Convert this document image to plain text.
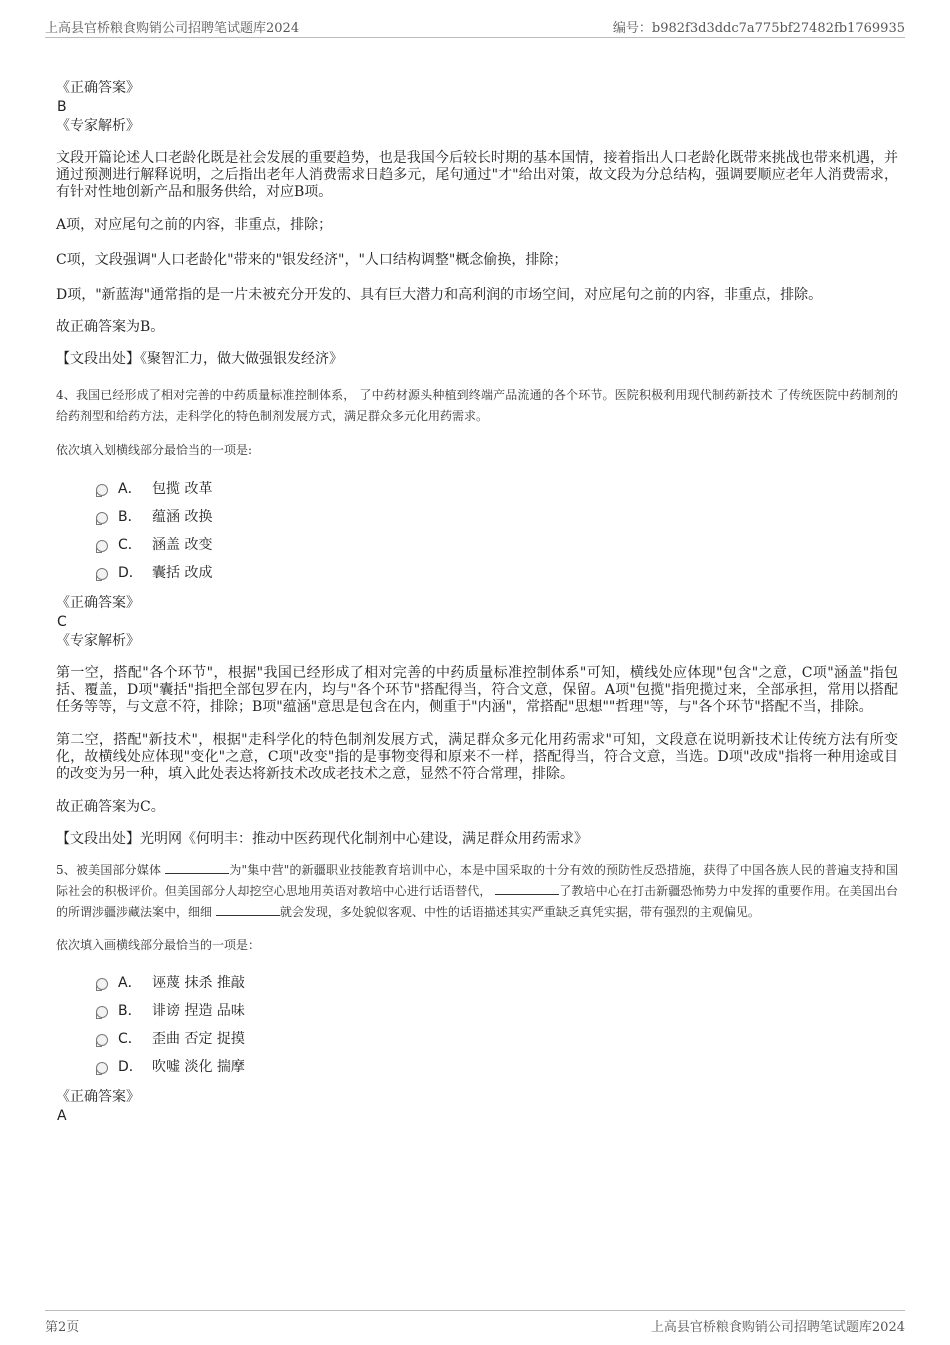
上高县官桥粮食购销公司招聘笔试题库2024	编号：b982f3d3ddc7a775bf27482fb1769935

《正确答案》

B

《专家解析》

文段开篇论述人口老龄化既是社会发展的重要趋势，也是我国今后较长时期的基本国情，接着指出人口老龄化既带来挑战也带来机遇，并通过预测进行解释说明，之后指出老年人消费需求日趋多元，尾句通过"才"给出对策，故文段为分总结构，强调要顺应老年人消费需求，有针对性地创新产品和服务供给，对应B项。

A项，对应尾句之前的内容，非重点，排除；

C项，文段强调"人口老龄化"带来的"银发经济"，"人口结构调整"概念偷换，排除；

D项，"新蓝海"通常指的是一片未被充分开发的、具有巨大潜力和高利润的市场空间，对应尾句之前的内容，非重点，排除。

故正确答案为B。

【文段出处】《聚智汇力，做大做强银发经济》

4、我国已经形成了相对完善的中药质量标准控制体系， 了中药材源头种植到终端产品流通的各个环节。医院积极利用现代制药新技术 了传统医院中药制剂的给药剂型和给药方法，走科学化的特色制剂发展方式，满足群众多元化用药需求。

依次填入划横线部分最恰当的一项是:

A． 包揽 改革
B． 蕴涵 改换
C． 涵盖 改变
D． 囊括 改成

《正确答案》

C

《专家解析》

第一空，搭配"各个环节"，根据"我国已经形成了相对完善的中药质量标准控制体系"可知，横线处应体现"包含"之意，C项"涵盖"指包括、覆盖，D项"囊括"指把全部包罗在内，均与"各个环节"搭配得当，符合文意，保留。A项"包揽"指兜揽过来，全部承担，常用以搭配任务等等，与文意不符，排除；B项"蕴涵"意思是包含在内，侧重于"内涵"，常搭配"思想""哲理"等，与"各个环节"搭配不当，排除。

第二空，搭配"新技术"，根据"走科学化的特色制剂发展方式，满足群众多元化用药需求"可知，文段意在说明新技术让传统方法有所变化，故横线处应体现"变化"之意，C项"改变"指的是事物变得和原来不一样，搭配得当，符合文意，当选。D项"改成"指将一种用途或目的改变为另一种，填入此处表达将新技术改成老技术之意，显然不符合常理，排除。

故正确答案为C。

【文段出处】光明网《何明丰：推动中医药现代化制剂中心建设，满足群众用药需求》

5、被美国部分媒体	为"集中营"的新疆职业技能教育培训中心，本是中国采取的十分有效的预防性反恐措施，获得了中国各族人民的普遍支持和国际社会的积极评价。但美国部分人却挖空心思地用英语对教培中心进行话语替代，	了教培中心在打击新疆恐怖势力中发挥的重要作用。在美国出台的所谓涉疆涉藏法案中，细细	就会发现，多处貌似客观、中性的话语描述其实严重缺乏真凭实据，带有强烈的主观偏见。

依次填入画横线部分最恰当的一项是：

A． 诬蔑 抹杀 推敲
B． 诽谤 捏造 品味
C． 歪曲 否定 捉摸
D． 吹嘘 淡化 揣摩

《正确答案》

A

第2页	上高县官桥粮食购销公司招聘笔试题库2024
